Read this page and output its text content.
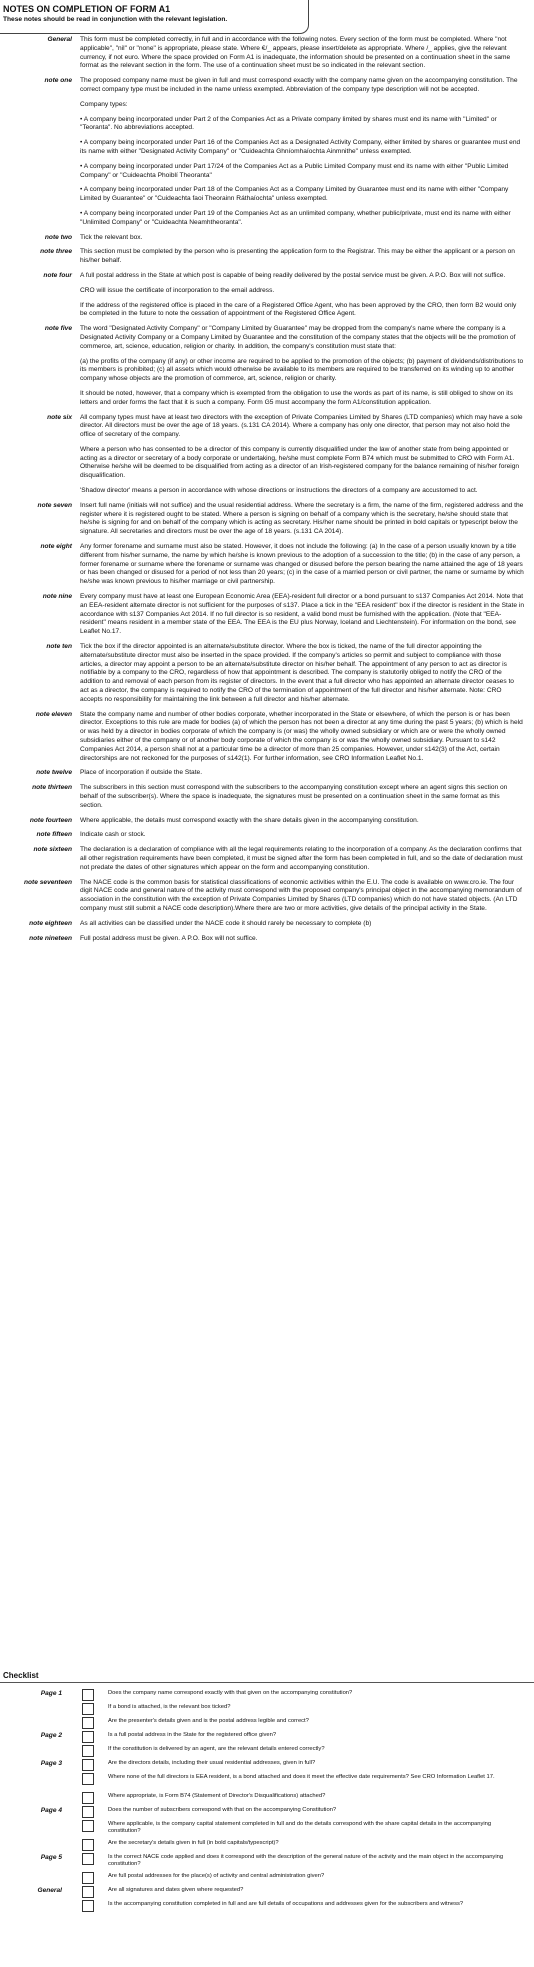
NOTES ON COMPLETION OF FORM A1
These notes should be read in conjunction with the relevant legislation.
General	This form must be completed correctly, in full and in accordance with the following notes. Every section of the form must be completed. Where "not applicable", "nil" or "none" is appropriate, please state. Where €/_ appears, please insert/delete as appropriate. Where /_ applies, give the relevant currency, if not euro. Where the space provided on Form A1 is inadequate, the information should be presented on a continuation sheet in the same format as the relevant section in the form. The use of a continuation sheet must be so indicated in the relevant section.

note one	The proposed company name must be given in full and must correspond exactly with the company name given on the accompanying constitution. The correct company type must be included in the name unless exempted. Abbreviation of the company type description will not be accepted.

Company types:

• A company being incorporated under Part 2 of the Companies Act as a Private company limited by shares must end its name with "Limited" or "Teoranta". No abbreviations accepted.

• A company being incorporated under Part 16 of the Companies Act as a Designated Activity Company, either limited by shares or guarantee must end its name with either "Designated Activity Company" or "Cuideachta Ghníomhaíochta Ainmnithe" unless exempted.

• A company being incorporated under Part 17/24 of the Companies Act as a Public Limited Company must end its name with either "Public Limited Company" or "Cuideachta Phoiblí Theoranta"

• A company being incorporated under Part 18 of the Companies Act as a Company Limited by Guarantee must end its name with either "Company Limited by Guarantee" or "Cuideachta faoi Theorainn Ráthaíochta" unless exempted.

• A company being incorporated under Part 19 of the Companies Act as an unlimited company, whether public/private, must end its name with either "Unlimited Company" or "Cuideachta Neamhtheoranta".

note two	Tick the relevant box.

note three	This section must be completed by the person who is presenting the application form to the Registrar. This may be either the applicant or a person on his/her behalf.

note four	A full postal address in the State at which post is capable of being readily delivered by the postal service must be given. A P.O. Box will not suffice.

CRO will issue the certificate of incorporation to the email address.

If the address of the registered office is placed in the care of a Registered Office Agent, who has been approved by the CRO, then form B2 would only be completed in the future to note the cessation of appointment of the Registered Office Agent.

note five	The word "Designated Activity Company" or "Company Limited by Guarantee" may be dropped from the company's name where the company is a Designated Activity Company or a Company Limited by Guarantee and the constitution of the company states that the objects will be the promotion of commerce, art, science, education, religion or charity. In addition, the company's constitution must state that:

(a) the profits of the company (if any) or other income are required to be applied to the promotion of the objects; (b) payment of dividends/distributions to its members is prohibited; (c) all assets which would otherwise be available to its members are required to be transferred on its winding up to another company whose objects are the promotion of commerce, art, science, religion or charity.

It should be noted, however, that a company which is exempted from the obligation to use the words as part of its name, is still obliged to show on its letters and order forms the fact that it is such a company. Form G5 must accompany the form A1/constitution application.

note six	All company types must have at least two directors with the exception of Private Companies Limited by Shares (LTD companies) which may have a sole director. All directors must be over the age of 18 years. (s.131 CA 2014). Where a company has only one director, that person may not also hold the office of secretary of the company.

Where a person who has consented to be a director of this company is currently disqualified under the law of another state from being appointed or acting as a director or secretary of a body corporate or undertaking, he/she must complete Form B74 which must be submitted to CRO with Form A1. Otherwise he/she will be deemed to be disqualified from acting as a director of an Irish-registered company for the balance remaining of his/her foreign disqualification.

'Shadow director' means a person in accordance with whose directions or instructions the directors of a company are accustomed to act.

note seven	Insert full name (initials will not suffice) and the usual residential address. Where the secretary is a firm, the name of the firm, registered address and the register where it is registered ought to be stated. Where a person is signing on behalf of a company which is the secretary, he/she should state that he/she is signing for and on behalf of the company which is acting as secretary. His/her name should be printed in bold capitals or typescript below the signature. All secretaries and directors must be over the age of 18 years. (s.131 CA 2014).

note eight	Any former forename and surname must also be stated. However, it does not include the following: (a) In the case of a person usually known by a title different from his/her surname, the name by which he/she is known previous to the adoption of a succession to the title; (b) in the case of any person, a former forename or surname where the forename or surname was changed or disused before the person bearing the name attained the age of 18 years or has been changed or disused for a period of not less than 20 years; (c) in the case of a married person or civil partner, the name or surname by which he/she was known previous to his/her marriage or civil partnership.

note nine	Every company must have at least one European Economic Area (EEA)-resident full director or a bond pursuant to s137 Companies Act 2014. Note that an EEA-resident alternate director is not sufficient for the purposes of s137. Place a tick in the "EEA resident" box if the director is resident in the State in accordance with s137 Companies Act 2014. If no full director is so resident, a valid bond must be furnished with the application. (Note that "EEA-resident" means resident in a member state of the EEA. The EEA is the EU plus Norway, Iceland and Liechtenstein). For information on the bond, see Leaflet No.17.

note ten	Tick the box if the director appointed is an alternate/substitute director. Where the box is ticked, the name of the full director appointing the alternate/substitute director must also be inserted in the space provided. If the company's articles so permit and subject to compliance with those articles, a director may appoint a person to be an alternate/substitute director on his/her behalf. The appointment of any person to act as director is notifiable by a company to the CRO, regardless of how that appointment is described. The company is statutorily obliged to notify the CRO of the addition to and removal of each person from its register of directors. In the event that a full director who has appointed an alternate director ceases to act as a director, the company is required to notify the CRO of the termination of appointment of the full director and his/her alternate. Note: CRO accepts no responsibility for maintaining the link between a full director and his/her alternate.

note eleven	State the company name and number of other bodies corporate, whether incorporated in the State or elsewhere, of which the person is or has been director. Exceptions to this rule are made for bodies (a) of which the person has not been a director at any time during the past 5 years; (b) which is held or was held by a director in bodies corporate of which the company is (or was) the wholly owned subsidiary or which are or were the wholly owned subsidiaries either of the company or of another body corporate of which the company is or was the wholly owned subsidiary. Pursuant to s142 Companies Act 2014, a person shall not at a particular time be a director of more than 25 companies. However, under s142(3) of the Act, certain directorships are not reckoned for the purposes of s142(1). For further information, see CRO Information Leaflet No.1.

note twelve	Place of incorporation if outside the State.

note thirteen	The subscribers in this section must correspond with the subscribers to the accompanying constitution except where an agent signs this section on behalf of the subscriber(s). Where the space is inadequate, the signatures must be presented on a continuation sheet in the same format as this section.

note fourteen	Where applicable, the details must correspond exactly with the share details given in the accompanying constitution.

note fifteen	Indicate cash or stock.

note sixteen	The declaration is a declaration of compliance with all the legal requirements relating to the incorporation of a company. As the declaration confirms that all other registration requirements have been completed, it must be signed after the form has been completed in full, and so the date of declaration must not predate the dates of other signatures which appear on the form and accompanying constitution.

note seventeen	The NACE code is the common basis for statistical classifications of economic activities within the E.U. The code is available on www.cro.ie. The four digit NACE code and general nature of the activity must correspond with the proposed company's principal object in the accompanying memorandum of association in the constitution with the exception of Private Companies Limited by Shares (LTD companies) which do not have stated objects. (An LTD company must still submit a NACE code description).Where there are two or more activities, give details of the principal activity in the State.

note eighteen	As all activities can be classified under the NACE code it should rarely be necessary to complete (b)

note nineteen	Full postal address must be given. A P.O. Box will not suffice.

Checklist
Page 1	Does the company name correspond exactly with that given on the accompanying constitution?
If a bond is attached, is the relevant box ticked?
Are the presenter's details given and is the postal address legible and correct?
Page 2	Is a full postal address in the State for the registered office given?
If the constitution is delivered by an agent, are the relevant details entered correctly?
Page 3	Are the directors details, including their usual residential addresses, given in full?
Where none of the full directors is EEA resident, is a bond attached and does it meet the effective date requirements? See CRO Information Leaflet 17.
Where appropriate, is Form B74 (Statement of Director's Disqualifications) attached?
Page 4	Does the number of subscribers correspond with that on the accompanying Constitution?
Where applicable, is the company capital statement completed in full and do the details correspond with the share capital details in the accompanying constitution?
Are the secretary's details given in full (in bold capitals/typescript)?
Page 5	Is the correct NACE code applied and does it correspond with the description of the general nature of the activity and the main object in the accompanying constitution?
Are full postal addresses for the place(s) of activity and central administration given?
General	Are all signatures and dates given where requested?
Is the accompanying constitution completed in full and are full details of occupations and addresses given for the subscribers and witness?
